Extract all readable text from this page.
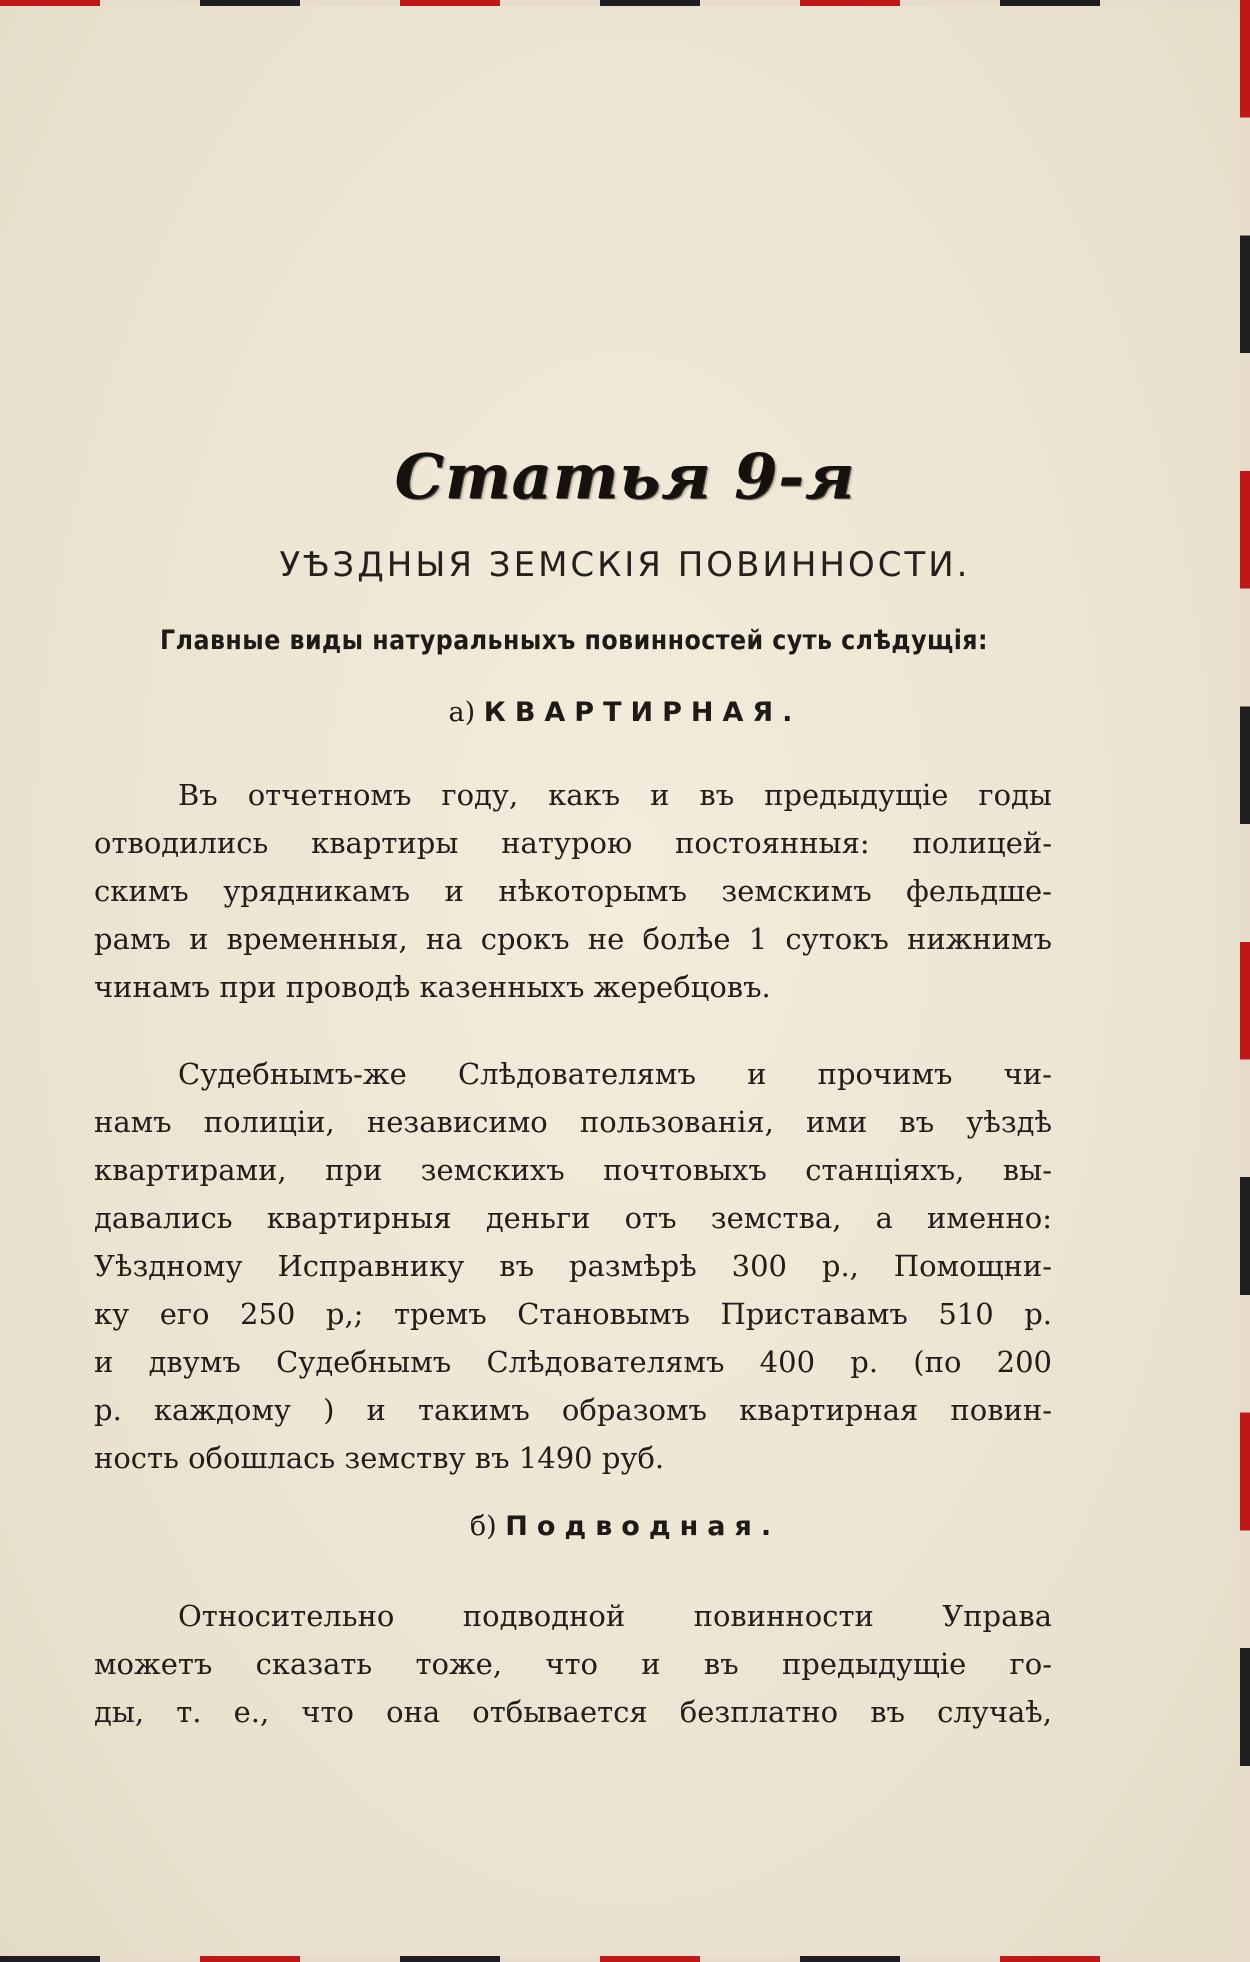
Статья 9-я
УѢЗДНЫЯ ЗЕМСКІЯ ПОВИННОСТИ.
Главные виды натуральныхъ повинностей суть слѣдущія:
а) КВАРТИРНАЯ.
Въ отчетномъ году, какъ и въ предыдущіе годы
отводились квартиры натурою постоянныя: полицей-
скимъ урядникамъ и нѣкоторымъ земскимъ фельдше-
рамъ и временныя, на срокъ не болѣе 1 сутокъ нижнимъ
чинамъ при проводѣ казенныхъ жеребцовъ.
Судебнымъ-же Слѣдователямъ и прочимъ чи-
намъ полиціи, независимо пользованія, ими въ уѣздѣ
квартирами, при земскихъ почтовыхъ станціяхъ, вы-
давались квартирныя деньги отъ земства, а именно:
Уѣздному Исправнику въ размѣрѣ 300 р., Помощни-
ку его 250 р,; тремъ Становымъ Приставамъ 510 р.
и двумъ Судебнымъ Слѣдователямъ 400 р. (по 200
р. каждому ) и такимъ образомъ квартирная повин-
ность обошлась земству въ 1490 руб.
б) Подводная.
Относительно подводной повинности Управа
можетъ сказать тоже, что и въ предыдущіе го-
ды, т. е., что она отбывается безплатно въ случаѣ,
